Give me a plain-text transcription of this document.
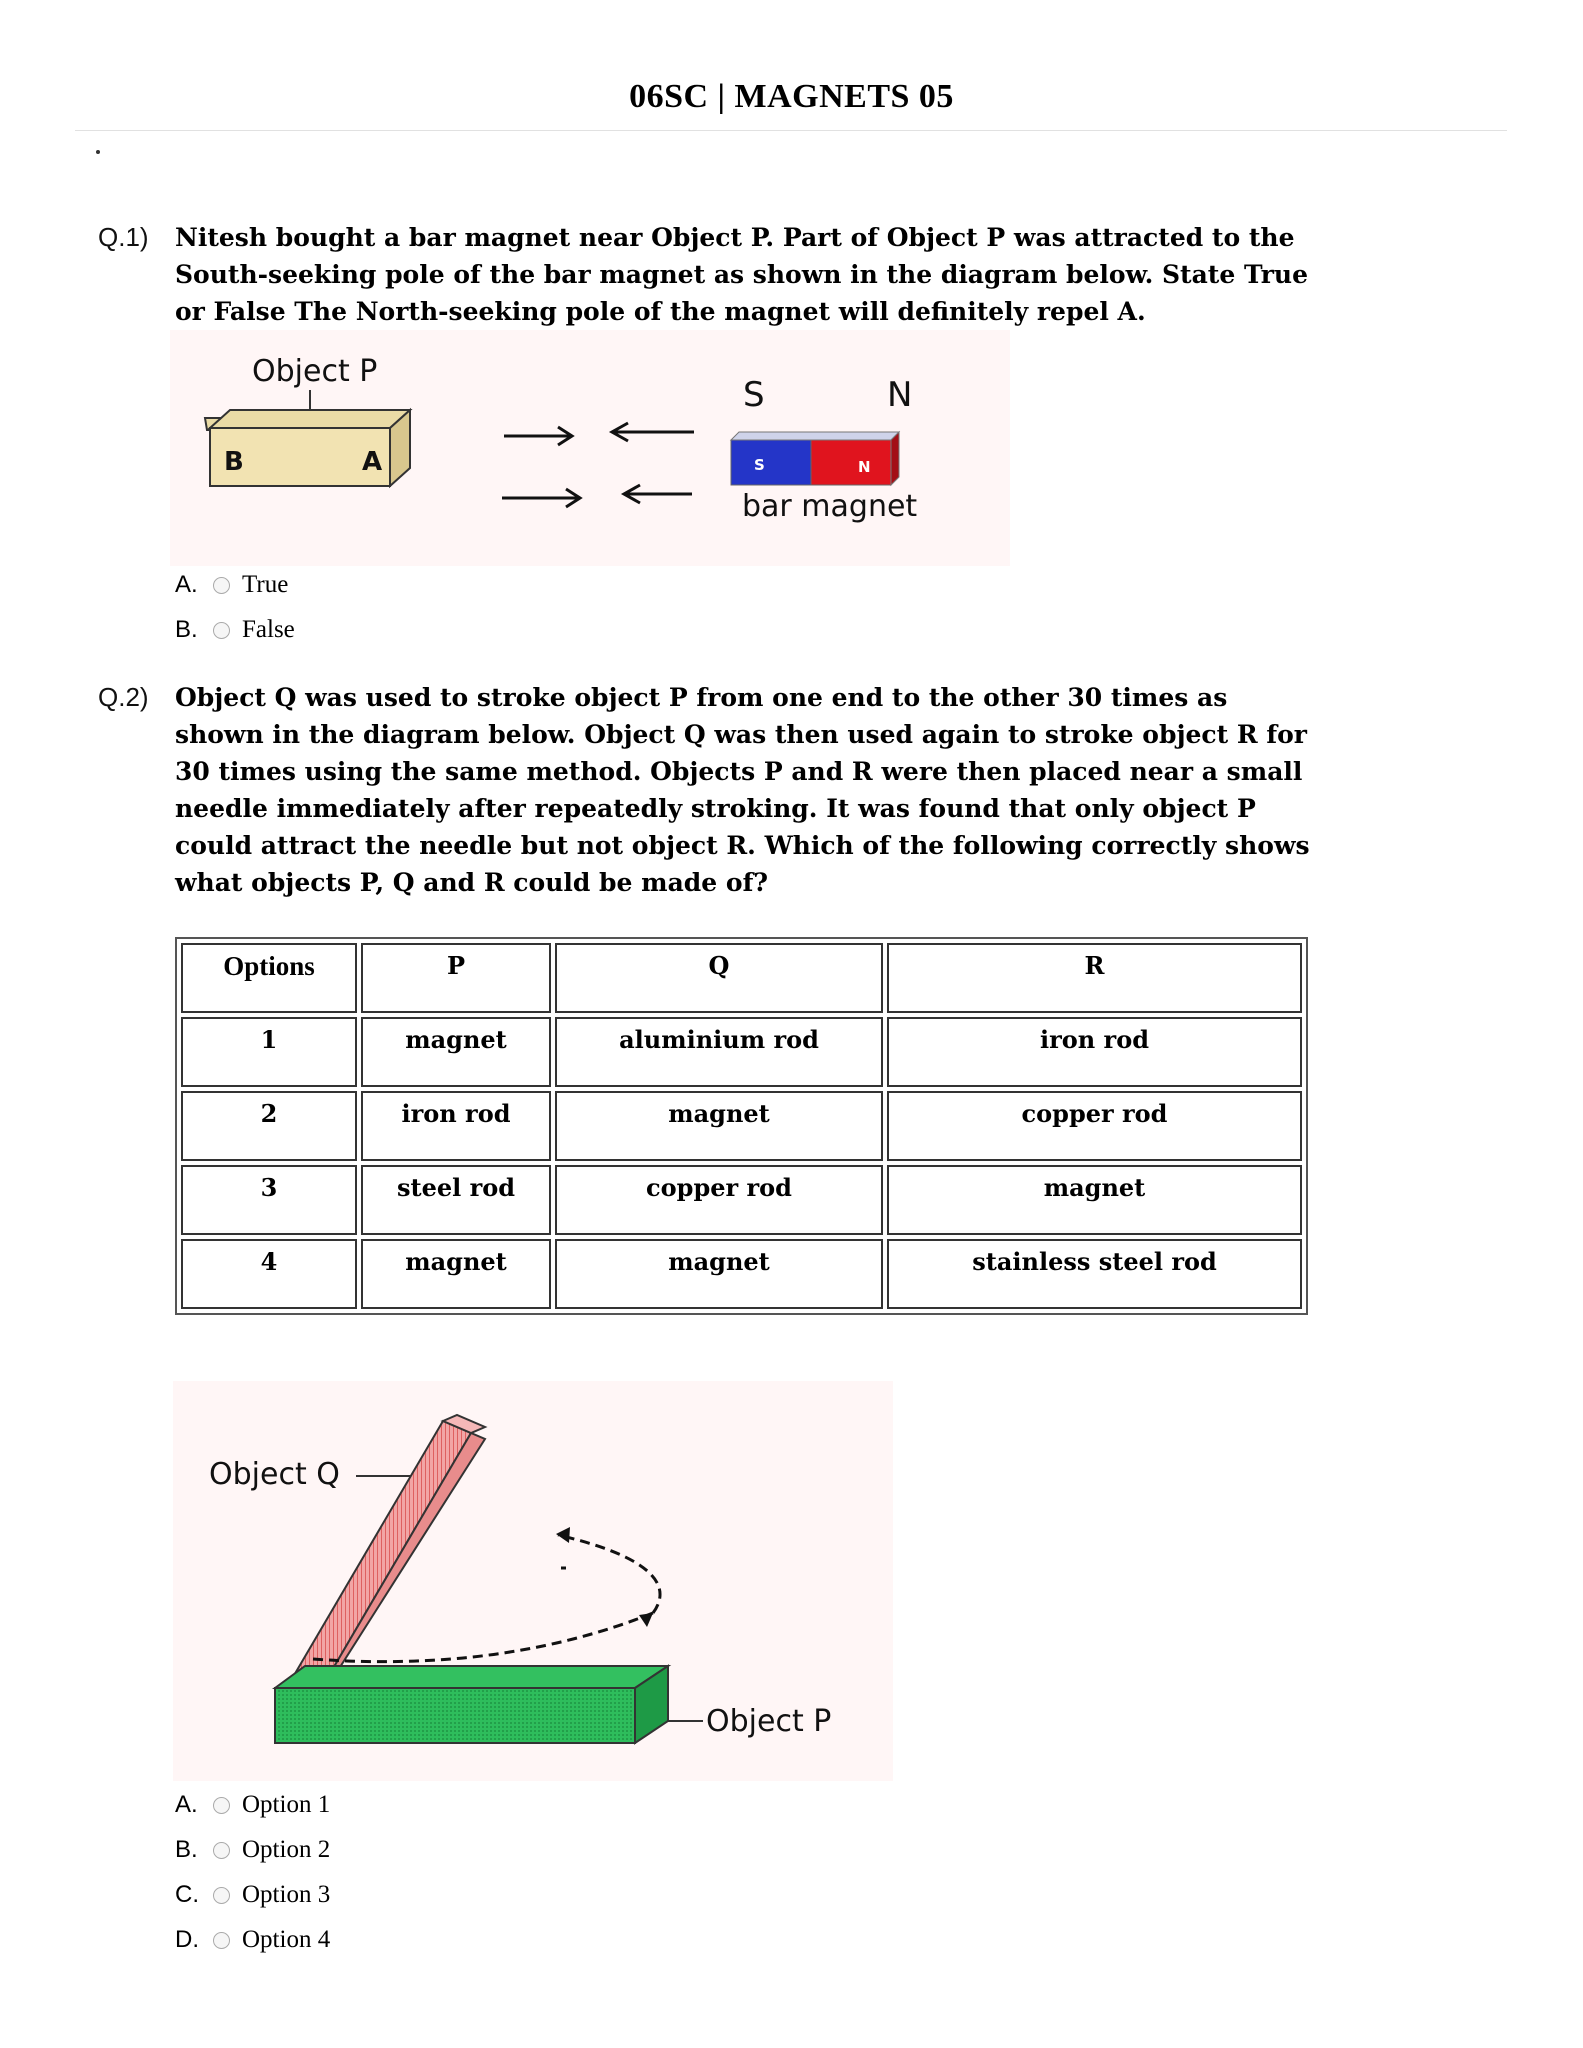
06SC | MAGNETS 05
Q.1) Nitesh bought a bar magnet near Object P. Part of Object P was attracted to the South-seeking pole of the bar magnet as shown in the diagram below. State True or False The North-seeking pole of the magnet will definitely repel A.
Object P
B	A
S	N
S	N
bar magnet
A.	True
B.	False
Q.2) Object Q was used to stroke object P from one end to the other 30 times as shown in the diagram below. Object Q was then used again to stroke object R for 30 times using the same method. Objects P and R were then placed near a small needle immediately after repeatedly stroking. It was found that only object P could attract the needle but not object R. Which of the following correctly shows what objects P, Q and R could be made of?
Options	P	Q	R
1	magnet	aluminium rod	iron rod
2	iron rod	magnet	copper rod
3	steel rod	copper rod	magnet
4	magnet	magnet	stainless steel rod
Object Q
Object P
A.	Option 1
B.	Option 2
C.	Option 3
D.	Option 4
